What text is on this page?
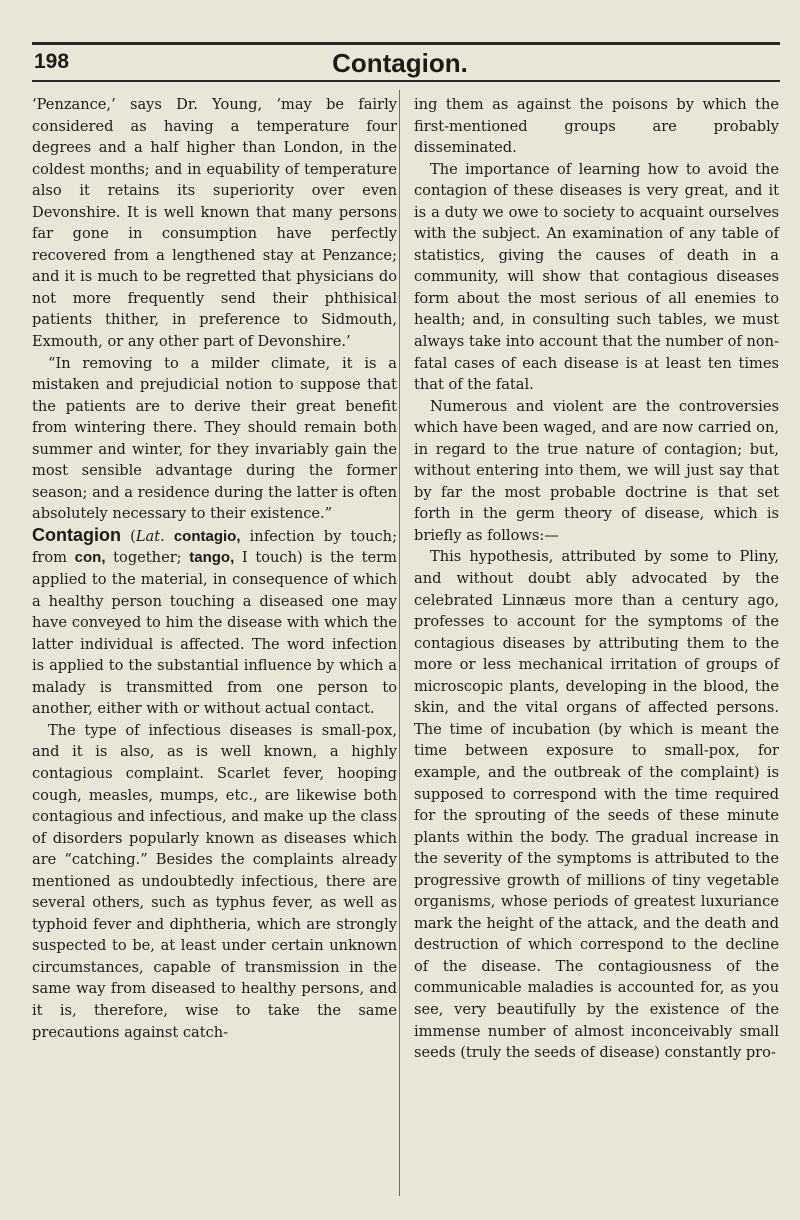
198	Contagion.

‘Penzance,’ says Dr. Young, ‘may be fairly considered as having a temperature four degrees and a half higher than London, in the coldest months; and in equability of temperature also it retains its superiority over even Devonshire. It is well known that many persons far gone in consumption have perfectly recovered from a lengthened stay at Penzance; and it is much to be regretted that physicians do not more frequently send their phthisical patients thither, in preference to Sidmouth, Exmouth, or any other part of Devonshire.’

“In removing to a milder climate, it is a mistaken and prejudicial notion to suppose that the patients are to derive their great benefit from wintering there. They should remain both summer and winter, for they invariably gain the most sensible advantage during the former season; and a residence during the latter is often absolutely necessary to their existence.”

Contagion (Lat. contagio, infection by touch; from con, together; tango, I touch) is the term applied to the material, in consequence of which a healthy person touching a diseased one may have conveyed to him the disease with which the latter individual is affected. The word infection is applied to the substantial influence by which a malady is transmitted from one person to another, either with or without actual contact.

The type of infectious diseases is small-pox, and it is also, as is well known, a highly contagious complaint. Scarlet fever, hooping cough, measles, mumps, etc., are likewise both contagious and infectious, and make up the class of disorders popularly known as diseases which are “catching.” Besides the complaints already mentioned as undoubtedly infectious, there are several others, such as typhus fever, as well as typhoid fever and diphtheria, which are strongly suspected to be, at least under certain unknown circumstances, capable of transmission in the same way from diseased to healthy persons, and it is, therefore, wise to take the same precautions against catch-

ing them as against the poisons by which the first-mentioned groups are probably disseminated.

The importance of learning how to avoid the contagion of these diseases is very great, and it is a duty we owe to society to acquaint ourselves with the subject. An examination of any table of statistics, giving the causes of death in a community, will show that contagious diseases form about the most serious of all enemies to health; and, in consulting such tables, we must always take into account that the number of non-fatal cases of each disease is at least ten times that of the fatal.

Numerous and violent are the controversies which have been waged, and are now carried on, in regard to the true nature of contagion; but, without entering into them, we will just say that by far the most probable doctrine is that set forth in the germ theory of disease, which is briefly as follows:—

This hypothesis, attributed by some to Pliny, and without doubt ably advocated by the celebrated Linnæus more than a century ago, professes to account for the symptoms of the contagious diseases by attributing them to the more or less mechanical irritation of groups of microscopic plants, developing in the blood, the skin, and the vital organs of affected persons. The time of incubation (by which is meant the time between exposure to small-pox, for example, and the outbreak of the complaint) is supposed to correspond with the time required for the sprouting of the seeds of these minute plants within the body. The gradual increase in the severity of the symptoms is attributed to the progressive growth of millions of tiny vegetable organisms, whose periods of greatest luxuriance mark the height of the attack, and the death and destruction of which correspond to the decline of the disease. The contagiousness of the communicable maladies is accounted for, as you see, very beautifully by the existence of the immense number of almost inconceivably small seeds (truly the seeds of disease) constantly pro-
